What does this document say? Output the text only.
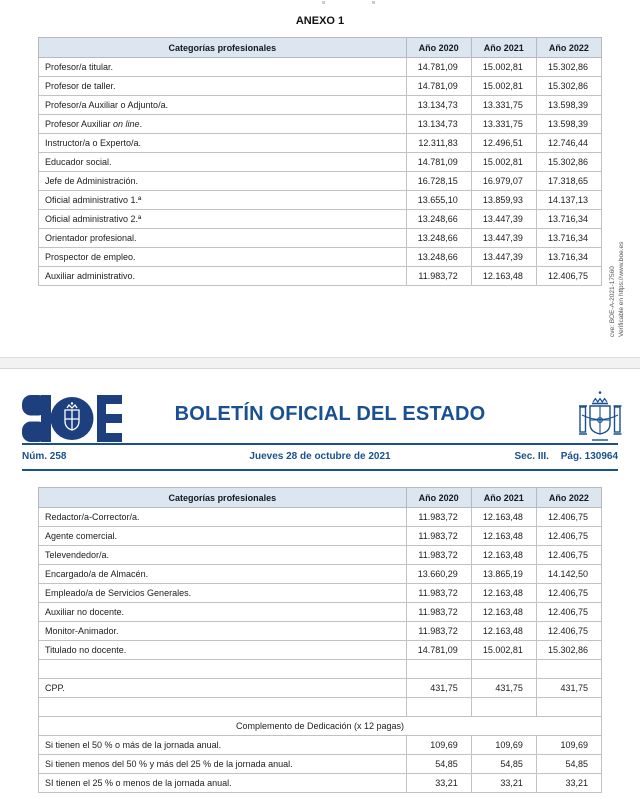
ANEXO 1
Categorías profesionales	Año 2020	Año 2021	Año 2022
Profesor/a titular.	14.781,09	15.002,81	15.302,86
Profesor de taller.	14.781,09	15.002,81	15.302,86
Profesor/a Auxiliar o Adjunto/a.	13.134,73	13.331,75	13.598,39
Profesor Auxiliar on line.	13.134,73	13.331,75	13.598,39
Instructor/a o Experto/a.	12.311,83	12.496,51	12.746,44
Educador social.	14.781,09	15.002,81	15.302,86
Jefe de Administración.	16.728,15	16.979,07	17.318,65
Oficial administrativo 1.ª	13.655,10	13.859,93	14.137,13
Oficial administrativo 2.ª	13.248,66	13.447,39	13.716,34
Orientador profesional.	13.248,66	13.447,39	13.716,34
Prospector de empleo.	13.248,66	13.447,39	13.716,34
Auxiliar administrativo.	11.983,72	12.163,48	12.406,75	cve: BOE-A-2021-17560 Verificable en https://www.boe.es
BOLETÍN OFICIAL DEL ESTADO
Núm. 258	Jueves 28 de octubre de 2021	Sec. III. Pág. 130964
Categorías profesionales	Año 2020	Año 2021	Año 2022
Redactor/a-Corrector/a.	11.983,72	12.163,48	12.406,75
Agente comercial.	11.983,72	12.163,48	12.406,75
Televendedor/a.	11.983,72	12.163,48	12.406,75
Encargado/a de Almacén.	13.660,29	13.865,19	14.142,50
Empleado/a de Servicios Generales.	11.983,72	12.163,48	12.406,75
Auxiliar no docente.	11.983,72	12.163,48	12.406,75
Monitor-Animador.	11.983,72	12.163,48	12.406,75
Titulado no docente.	14.781,09	15.002,81	15.302,86

CPP.	431,75	431,75	431,75

Complemento de Dedicación (x 12 pagas)			
Si tienen el 50 % o más de la jornada anual.	109,69	109,69	109,69
Si tienen menos del 50 % y más del 25 % de la jornada anual.	54,85	54,85	54,85
SI tienen el 25 % o menos de la jornada anual.	33,21	33,21	33,21
